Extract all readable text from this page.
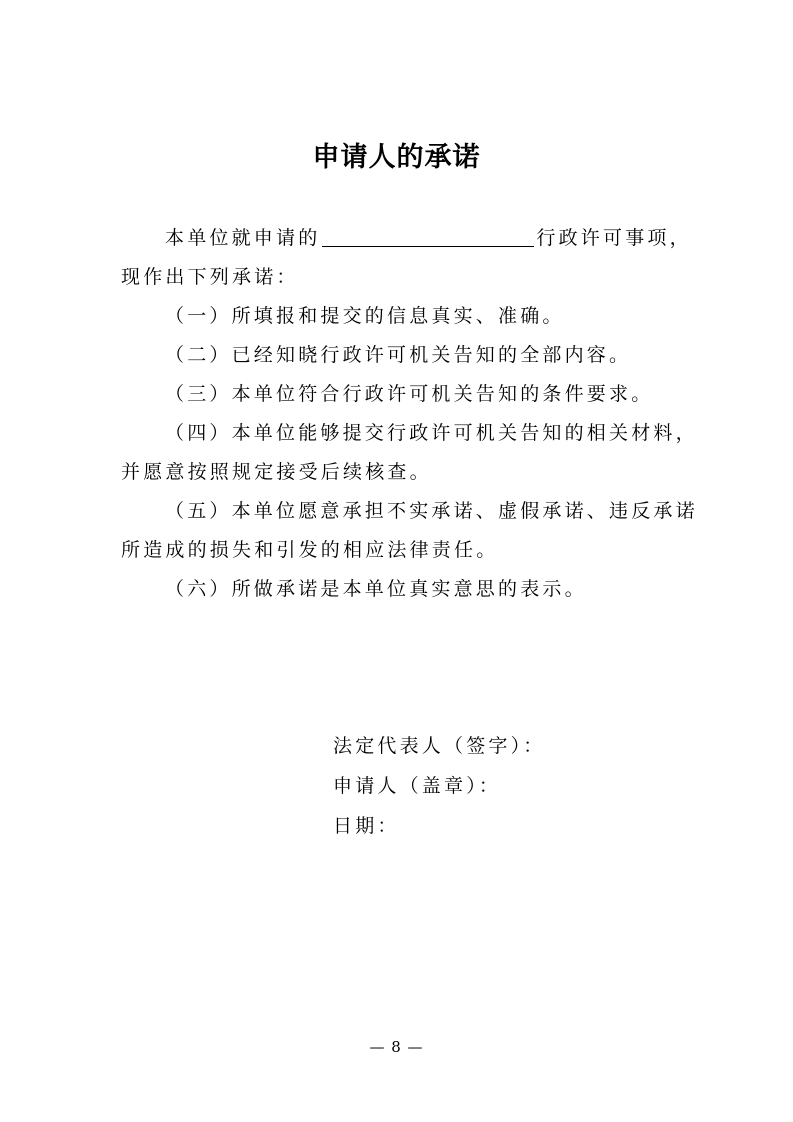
申请人的承诺
本单位就申请的	行政许可事项，
现作出下列承诺：
（一）所填报和提交的信息真实、准确。
（二）已经知晓行政许可机关告知的全部内容。
（三）本单位符合行政许可机关告知的条件要求。
（四）本单位能够提交行政许可机关告知的相关材料，
并愿意按照规定接受后续核查。
（五）本单位愿意承担不实承诺、虚假承诺、违反承诺
所造成的损失和引发的相应法律责任。
（六）所做承诺是本单位真实意思的表示。
法定代表人（签字）：
申请人（盖章）：
日期：
— 8 —
